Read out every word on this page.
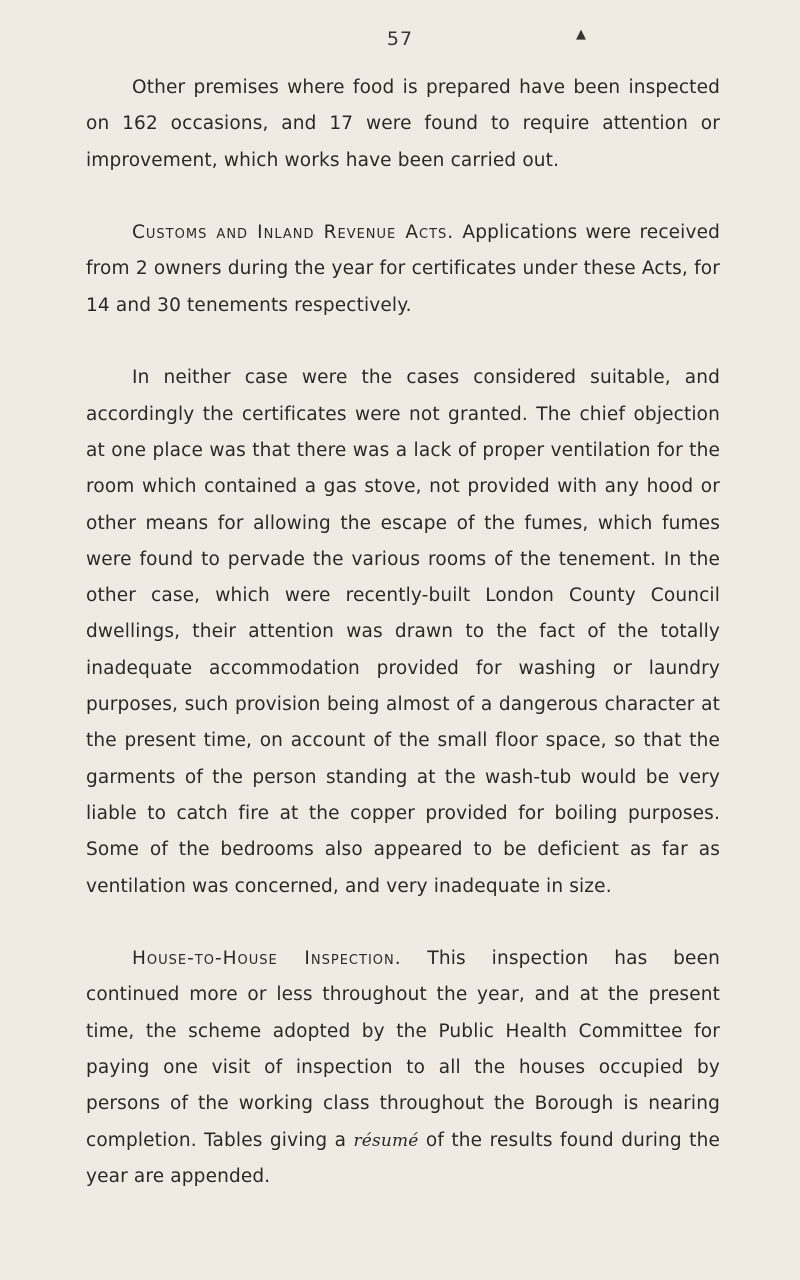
57	▲

Other premises where food is prepared have been inspected on 162 occasions, and 17 were found to require attention or improvement, which works have been carried out.

Customs and Inland Revenue Acts. Applications were received from 2 owners during the year for certificates under these Acts, for 14 and 30 tenements respectively.

In neither case were the cases considered suitable, and accordingly the certificates were not granted. The chief objection at one place was that there was a lack of proper ventilation for the room which contained a gas stove, not provided with any hood or other means for allowing the escape of the fumes, which fumes were found to pervade the various rooms of the tenement. In the other case, which were recently-built London County Council dwellings, their attention was drawn to the fact of the totally inadequate accommodation provided for washing or laundry purposes, such provision being almost of a dangerous character at the present time, on account of the small floor space, so that the garments of the person standing at the wash-tub would be very liable to catch fire at the copper provided for boiling purposes. Some of the bedrooms also appeared to be deficient as far as ventilation was concerned, and very inadequate in size.

House-to-House Inspection. This inspection has been continued more or less throughout the year, and at the present time, the scheme adopted by the Public Health Committee for paying one visit of inspection to all the houses occupied by persons of the working class throughout the Borough is nearing completion. Tables giving a résumé of the results found during the year are appended.
